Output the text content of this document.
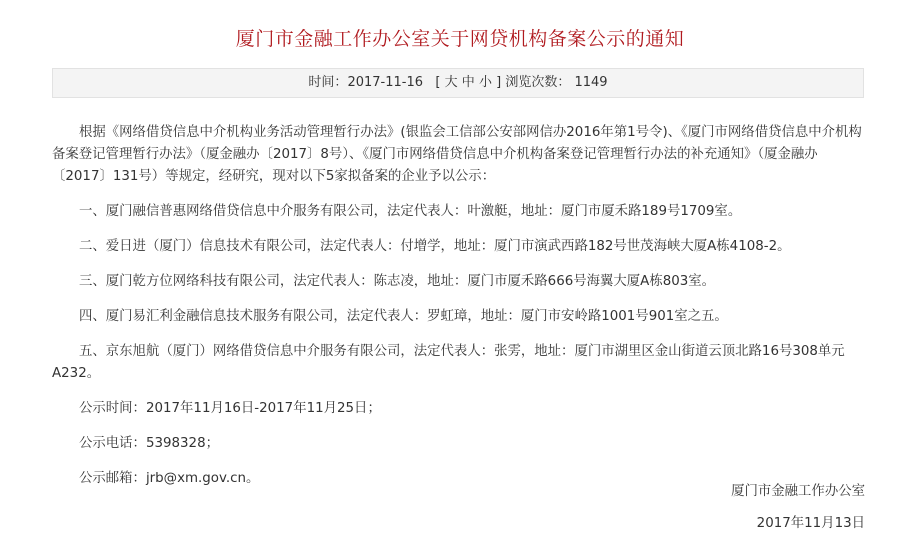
厦门市金融工作办公室关于网贷机构备案公示的通知
时间：2017-11-16 [ 大 中 小 ] 浏览次数： 1149

根据《网络借贷信息中介机构业务活动管理暂行办法》(银监会工信部公安部网信办2016年第1号令)、《厦门市网络借贷信息中介机构备案登记管理暂行办法》（厦金融办〔2017〕8号）、《厦门市网络借贷信息中介机构备案登记管理暂行办法的补充通知》（厦金融办〔2017〕131号）等规定，经研究，现对以下5家拟备案的企业予以公示：

一、厦门融信普惠网络借贷信息中介服务有限公司，法定代表人：叶激艇，地址：厦门市厦禾路189号1709室。

二、爱日进（厦门）信息技术有限公司，法定代表人：付增学，地址：厦门市演武西路182号世茂海峡大厦A栋4108-2。

三、厦门乾方位网络科技有限公司，法定代表人：陈志凌，地址：厦门市厦禾路666号海翼大厦A栋803室。

四、厦门易汇利金融信息技术服务有限公司，法定代表人：罗虹璋，地址：厦门市安岭路1001号901室之五。

五、京东旭航（厦门）网络借贷信息中介服务有限公司，法定代表人：张雱，地址：厦门市湖里区金山街道云顶北路16号308单元A232。

公示时间：2017年11月16日-2017年11月25日；

公示电话：5398328；

公示邮箱：jrb@xm.gov.cn。

厦门市金融工作办公室
2017年11月13日
